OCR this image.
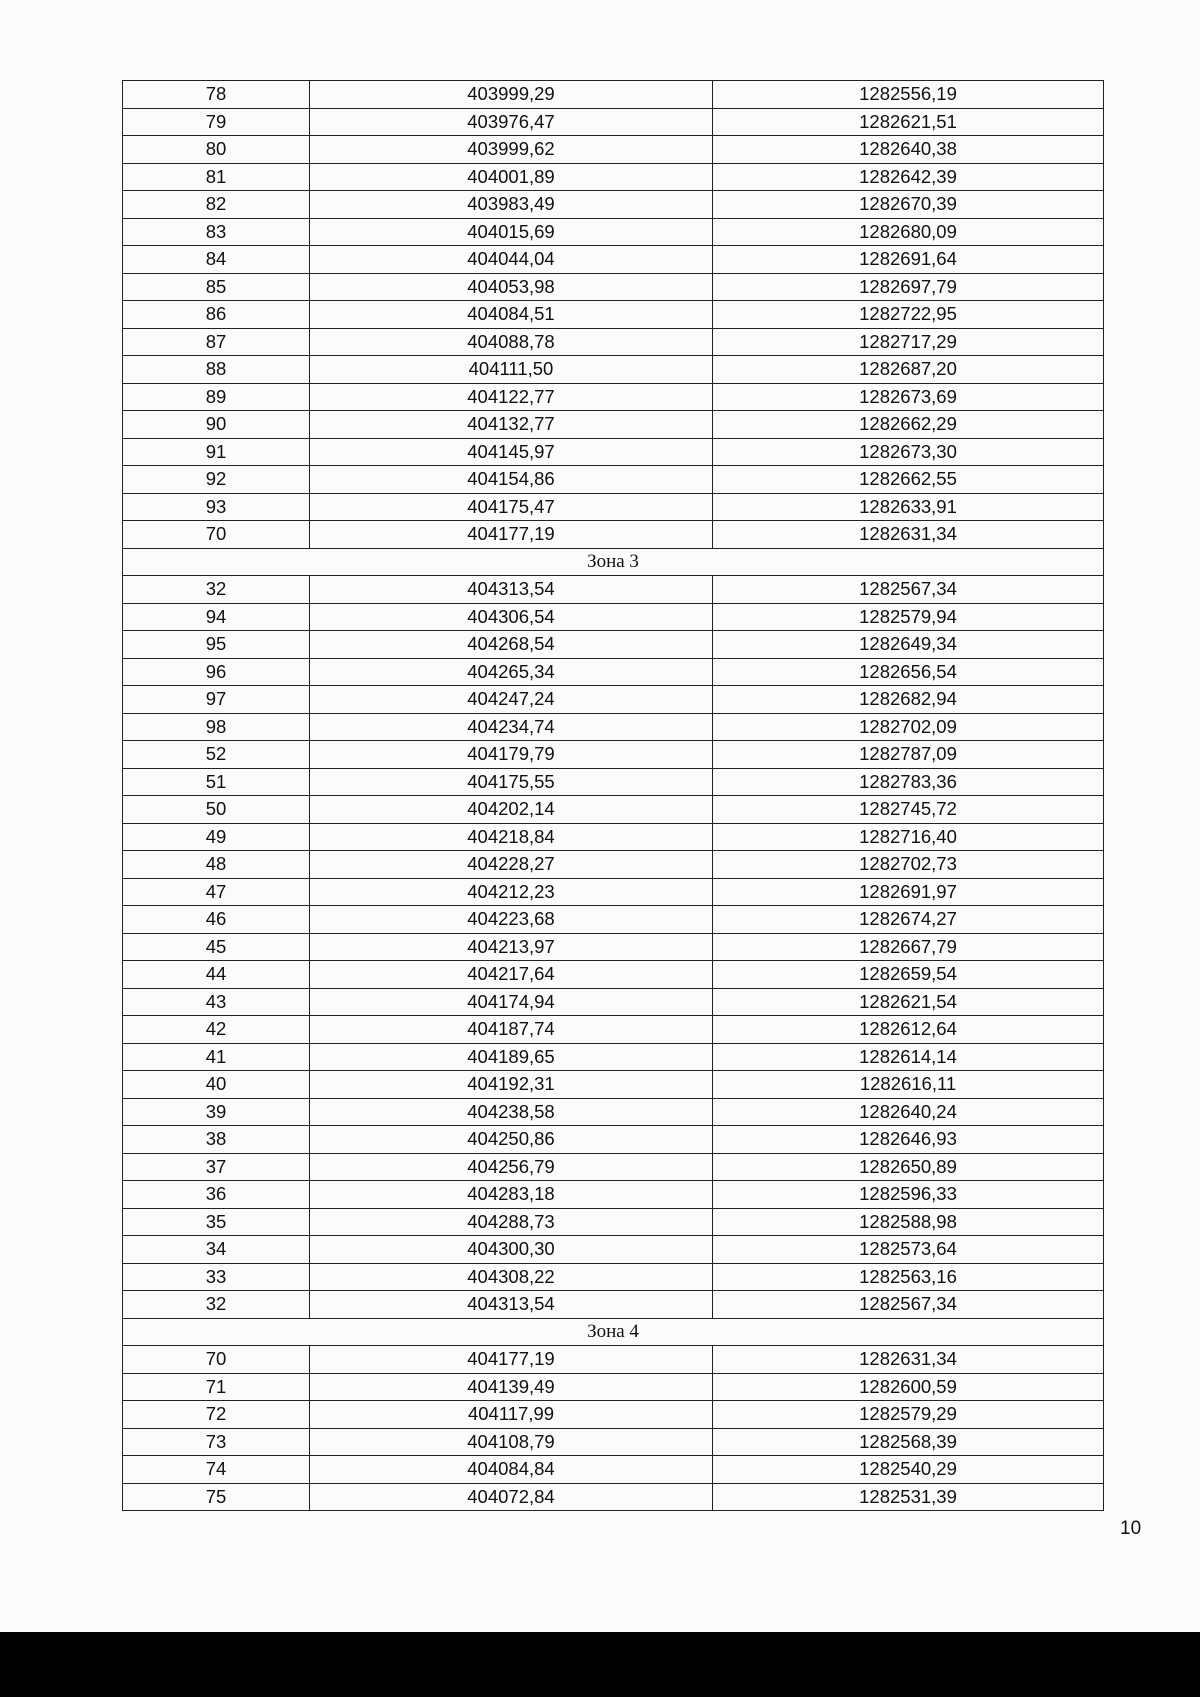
78	403999,29	1282556,19
79	403976,47	1282621,51
80	403999,62	1282640,38
81	404001,89	1282642,39
82	403983,49	1282670,39
83	404015,69	1282680,09
84	404044,04	1282691,64
85	404053,98	1282697,79
86	404084,51	1282722,95
87	404088,78	1282717,29
88	404111,50	1282687,20
89	404122,77	1282673,69
90	404132,77	1282662,29
91	404145,97	1282673,30
92	404154,86	1282662,55
93	404175,47	1282633,91
70	404177,19	1282631,34
Зона 3		
32	404313,54	1282567,34
94	404306,54	1282579,94
95	404268,54	1282649,34
96	404265,34	1282656,54
97	404247,24	1282682,94
98	404234,74	1282702,09
52	404179,79	1282787,09
51	404175,55	1282783,36
50	404202,14	1282745,72
49	404218,84	1282716,40
48	404228,27	1282702,73
47	404212,23	1282691,97
46	404223,68	1282674,27
45	404213,97	1282667,79
44	404217,64	1282659,54
43	404174,94	1282621,54
42	404187,74	1282612,64
41	404189,65	1282614,14
40	404192,31	1282616,11
39	404238,58	1282640,24
38	404250,86	1282646,93
37	404256,79	1282650,89
36	404283,18	1282596,33
35	404288,73	1282588,98
34	404300,30	1282573,64
33	404308,22	1282563,16
32	404313,54	1282567,34
Зона 4		
70	404177,19	1282631,34
71	404139,49	1282600,59
72	404117,99	1282579,29
73	404108,79	1282568,39
74	404084,84	1282540,29
75	404072,84	1282531,39
10
